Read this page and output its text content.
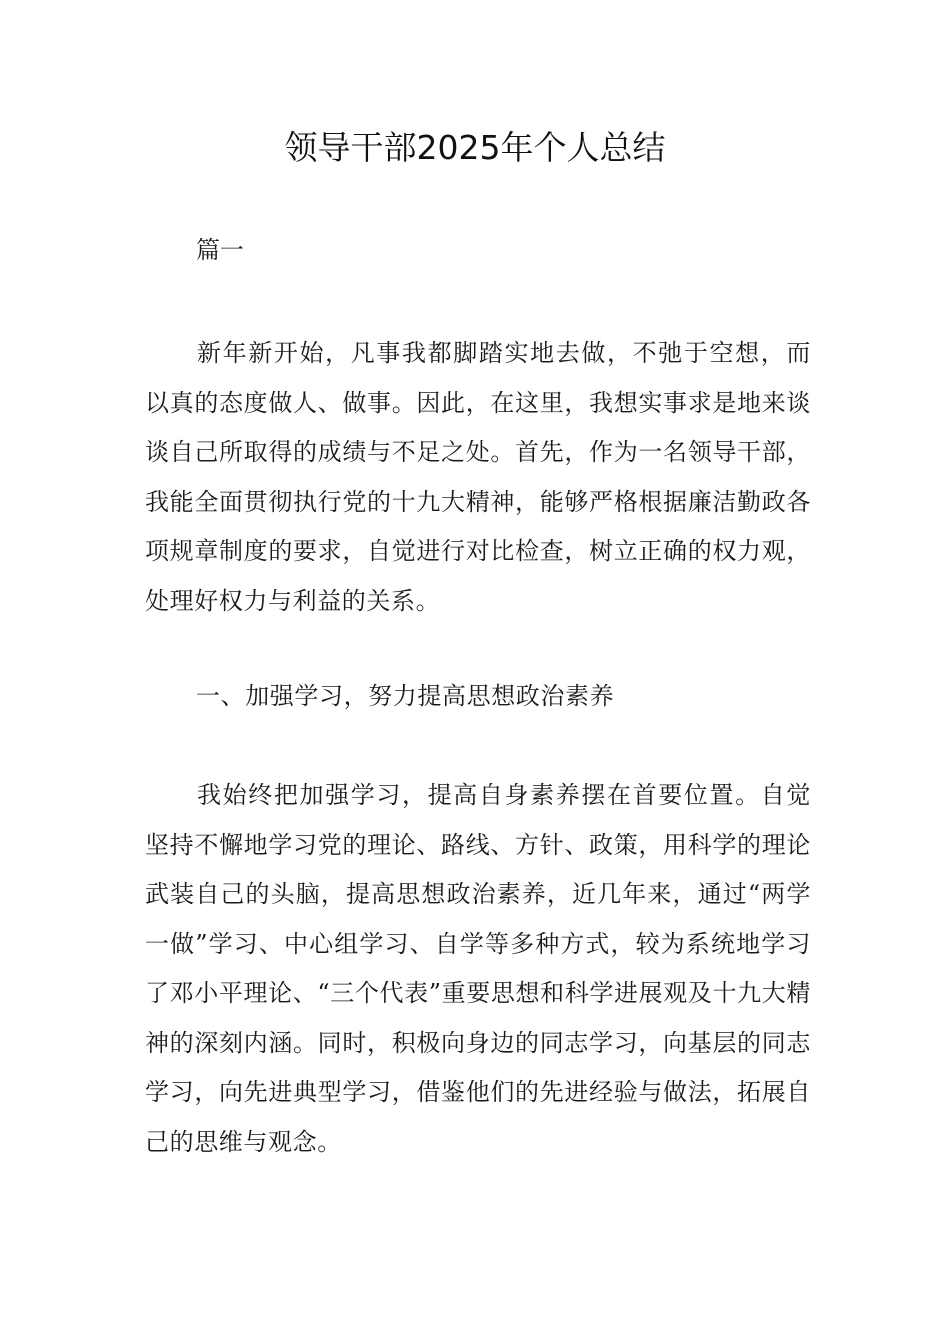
领导干部2025年个人总结

篇一

新年新开始，凡事我都脚踏实地去做，不弛于空想，而以真的态度做人、做事。因此，在这里，我想实事求是地来谈谈自己所取得的成绩与不足之处。首先，作为一名领导干部，我能全面贯彻执行党的十九大精神，能够严格根据廉洁勤政各项规章制度的要求，自觉进行对比检查，树立正确的权力观，处理好权力与利益的关系。

一、加强学习，努力提高思想政治素养

我始终把加强学习，提高自身素养摆在首要位置。自觉坚持不懈地学习党的理论、路线、方针、政策，用科学的理论武装自己的头脑，提高思想政治素养，近几年来，通过“两学一做”学习、中心组学习、自学等多种方式，较为系统地学习了邓小平理论、“三个代表”重要思想和科学进展观及十九大精神的深刻内涵。同时，积极向身边的同志学习，向基层的同志学习，向先进典型学习，借鉴他们的先进经验与做法，拓展自己的思维与观念。
